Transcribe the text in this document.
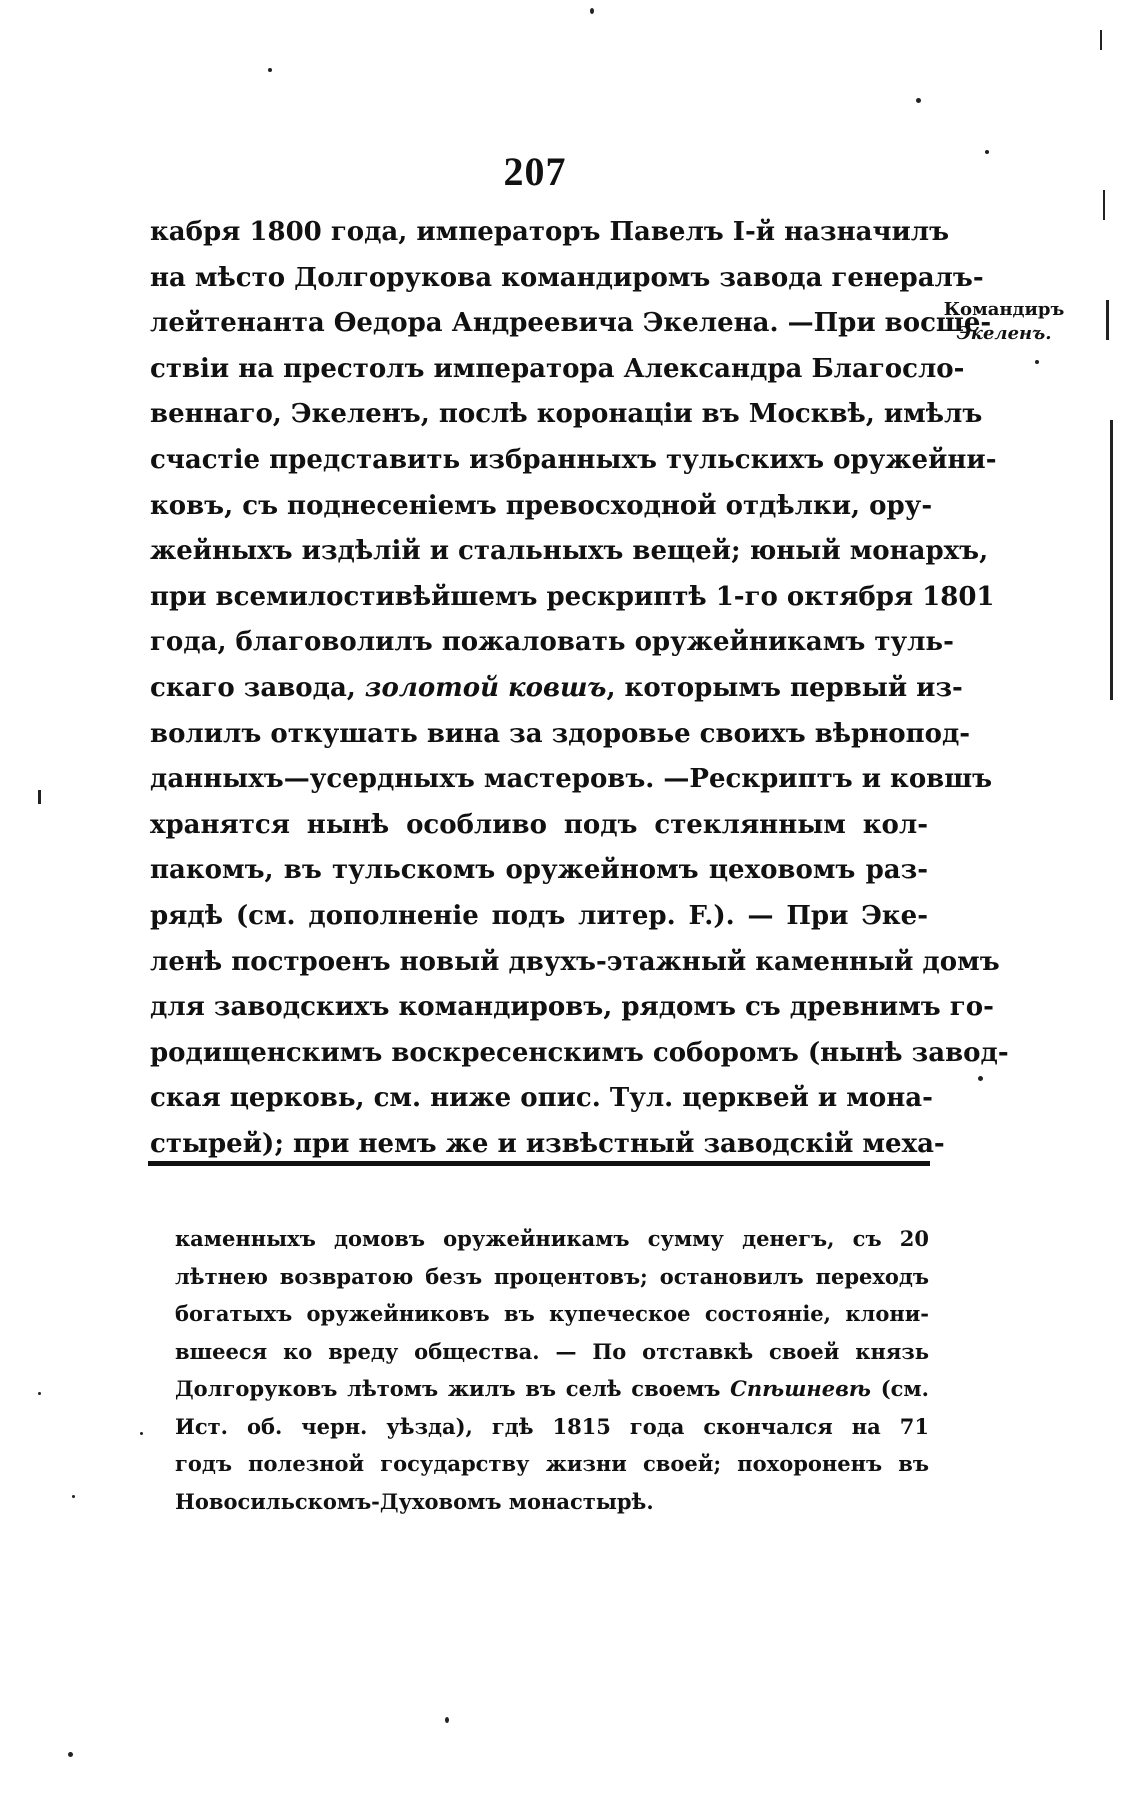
207
кабря 1800 года, императоръ Павелъ І-й назначилъ
на мѣсто Долгорукова командиромъ завода генералъ-
лейтенанта Ѳедора Андреевича Экелена. —При восше-
ствіи на престолъ императора Александра Благосло-
веннаго, Экеленъ, послѣ коронаціи въ Москвѣ, имѣлъ
счастіе представить избранныхъ тульскихъ оружейни-
ковъ, съ поднесеніемъ превосходной отдѣлки, ору-
жейныхъ издѣлій и стальныхъ вещей; юный монархъ,
при всемилостивѣйшемъ рескриптѣ 1-го октября 1801
года, благоволилъ пожаловать оружейникамъ туль-
скаго завода, золотой ковшъ, которымъ первый из-
волилъ откушать вина за здоровье своихъ вѣрнопод-
данныхъ—усердныхъ мастеровъ. —Рескриптъ и ковшъ
хранятся нынѣ особливо подъ стеклянным кол-
пакомъ, въ тульскомъ оружейномъ цеховомъ раз-
рядѣ (см. дополненіе подъ литер. F.). — При Эке-
ленѣ построенъ новый двухъ-этажный каменный домъ
для заводскихъ командировъ, рядомъ съ древнимъ го-
родищенскимъ воскресенскимъ соборомъ (нынѣ завод-
ская церковь, см. ниже опис. Тул. церквей и мона-
стырей); при немъ же и извѣстный заводскій меха-
Командиръ
Экеленъ.
каменныхъ домовъ оружейникамъ сумму денегъ, съ 20
лѣтнею возвратою безъ процентовъ; остановилъ переходъ
богатыхъ оружейниковъ въ купеческое состояніе, клони-
вшееся ко вреду общества. — По отставкѣ своей князь
Долгоруковъ лѣтомъ жилъ въ селѣ своемъ Спѣшневѣ (см.
Ист. об. черн. уѣзда), гдѣ 1815 года скончался на 71
годъ полезной государству жизни своей; похороненъ въ
Новосильскомъ-Духовомъ монастырѣ.
